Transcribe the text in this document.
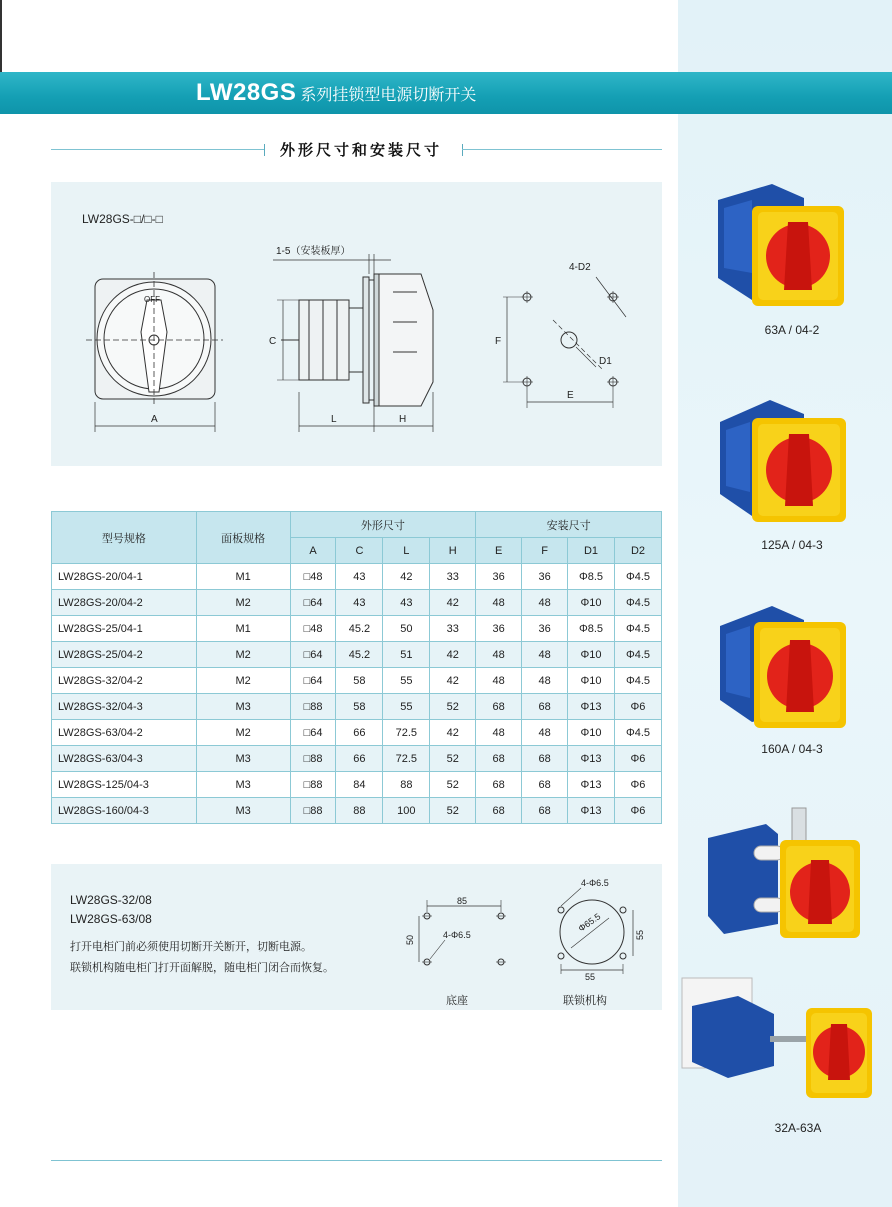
LW28GS 系列挂锁型电源切断开关
外形尺寸和安装尺寸
LW28GS-□/□-□
OFF
A
C
L	H
1-5（安装板厚）
F
E
D1
4-D2
型号规格	面板规格	外形尺寸				安装尺寸			
		A	C	L	H	E	F	D1	D2
LW28GS-20/04-1	M1	□48	43	42	33	36	36	Φ8.5	Φ4.5
LW28GS-20/04-2	M2	□64	43	43	42	48	48	Φ10	Φ4.5
LW28GS-25/04-1	M1	□48	45.2	50	33	36	36	Φ8.5	Φ4.5
LW28GS-25/04-2	M2	□64	45.2	51	42	48	48	Φ10	Φ4.5
LW28GS-32/04-2	M2	□64	58	55	42	48	48	Φ10	Φ4.5
LW28GS-32/04-3	M3	□88	58	55	52	68	68	Φ13	Φ6
LW28GS-63/04-2	M2	□64	66	72.5	42	48	48	Φ10	Φ4.5
LW28GS-63/04-3	M3	□88	66	72.5	52	68	68	Φ13	Φ6
LW28GS-125/04-3	M3	□88	84	88	52	68	68	Φ13	Φ6
LW28GS-160/04-3	M3	□88	88	100	52	68	68	Φ13	Φ6
LW28GS-32/08
LW28GS-63/08
打开电柜门前必须使用切断开关断开，切断电源。
联锁机构随电柜门打开面解脱，随电柜门闭合而恢复。
85
50	4-Φ6.5
4-Φ6.5
Φ65.5
55
55
底座	联锁机构
63A / 04-2
125A / 04-3
160A / 04-3
32A-63A
